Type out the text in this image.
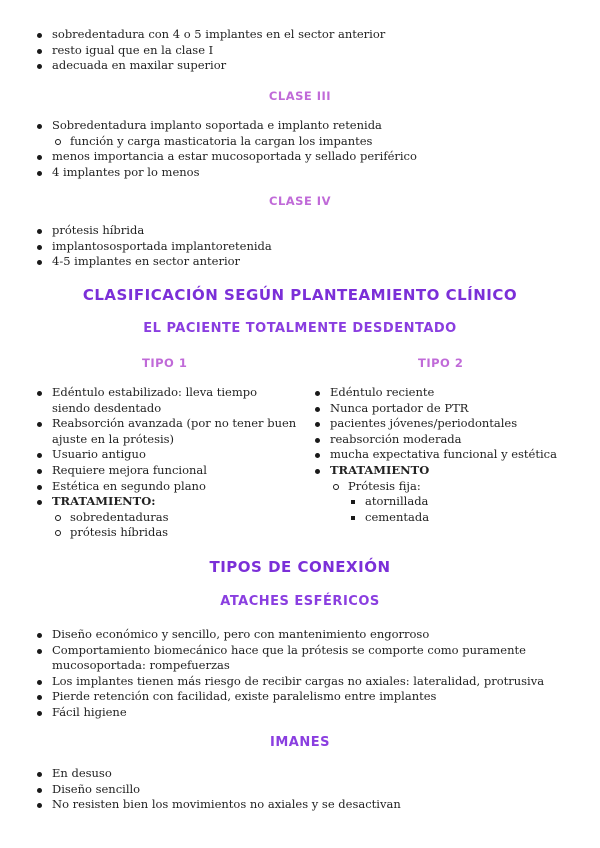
sobredentadura con 4 o 5 implantes en el sector anterior
resto igual que en la clase I
adecuada en maxilar superior
CLASE III
Sobredentadura implanto soportada e implanto retenida
función y carga masticatoria la cargan los impantes
menos importancia a estar mucosoportada y sellado periférico
4 implantes por lo menos
CLASE IV
prótesis híbrida
implantososportada implantoretenida
4-5 implantes en sector anterior
CLASIFICACIÓN SEGÚN PLANTEAMIENTO CLÍNICO
EL PACIENTE TOTALMENTE DESDENTADO
TIPO 1	TIPO 2
Edéntulo estabilizado: lleva tiempo siendo desdentado
Reabsorción avanzada (por no tener buen ajuste en la prótesis)
Usuario antiguo
Requiere mejora funcional
Estética en segundo plano
TRATAMIENTO:
sobredentaduras
prótesis híbridas
Edéntulo reciente
Nunca portador de PTR
pacientes jóvenes/periodontales
reabsorción moderada
mucha expectativa funcional y estética
TRATAMIENTO
Prótesis fija:
atornillada
cementada
TIPOS DE CONEXIÓN
ATACHES ESFÉRICOS
Diseño económico y sencillo, pero con mantenimiento engorroso
Comportamiento biomecánico hace que la prótesis se comporte como puramente mucosoportada: rompefuerzas
Los implantes tienen más riesgo de recibir cargas no axiales: lateralidad, protrusiva
Pierde retención con facilidad, existe paralelismo entre implantes
Fácil higiene
IMANES
En desuso
Diseño sencillo
No resisten bien los movimientos no axiales y se desactivan
